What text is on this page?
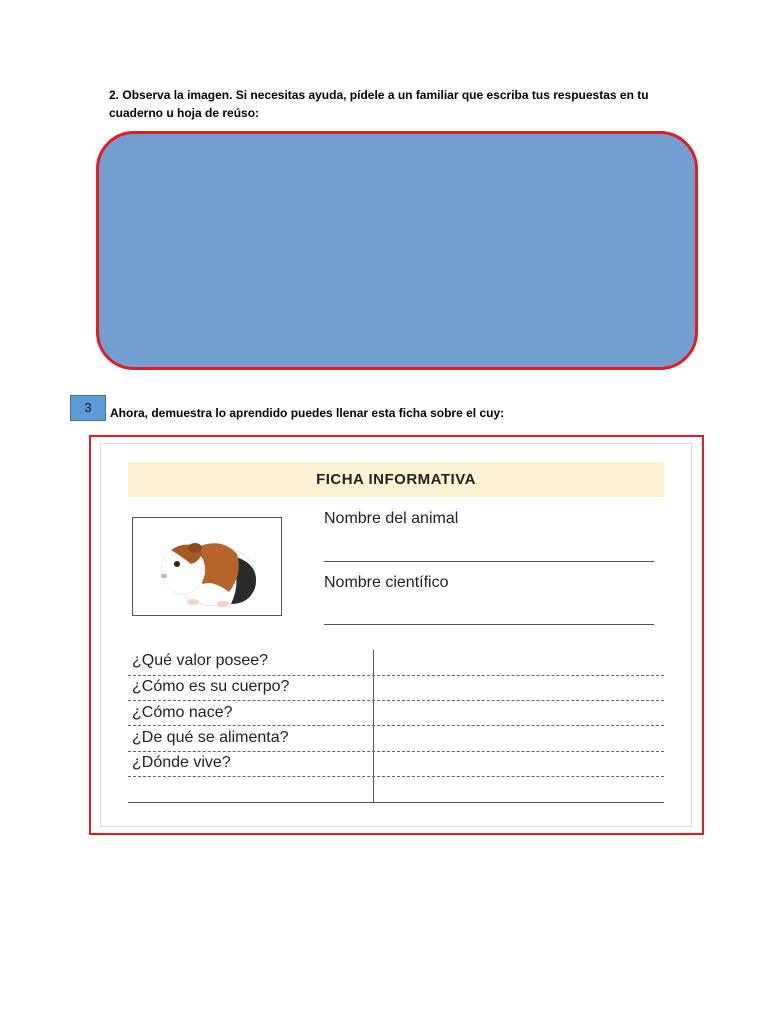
2. Observa la imagen. Si necesitas ayuda, pídele a un familiar que escriba tus respuestas en tu cuaderno u hoja de reúso:
3	Ahora, demuestra lo aprendido puedes llenar esta ficha sobre el cuy:
FICHA INFORMATIVA
Nombre del animal
Nombre científico
¿Qué valor posee?
¿Cómo es su cuerpo?
¿Cómo nace?
¿De qué se alimenta?
¿Dónde vive?
